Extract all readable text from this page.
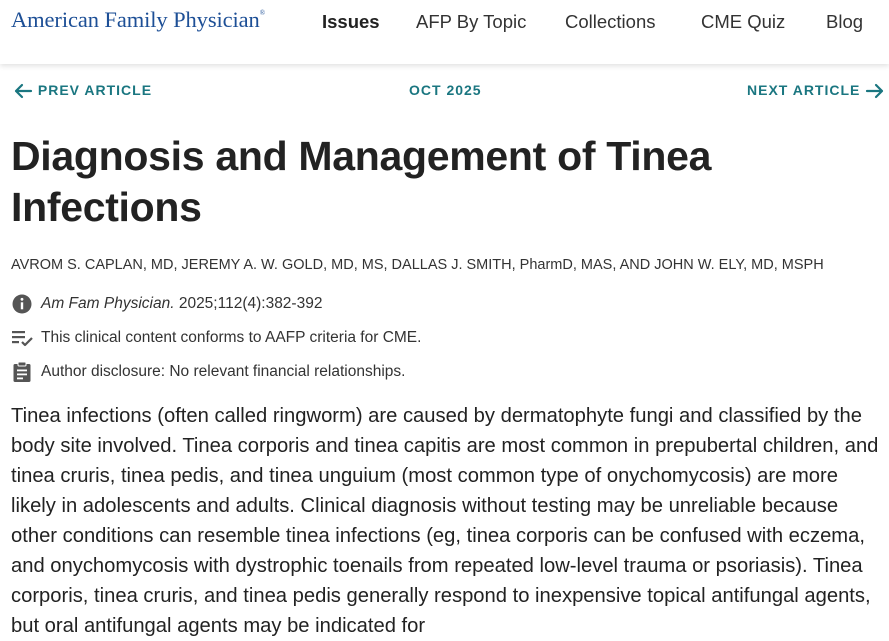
American Family Physician®	Issues AFP By Topic Collections CME Quiz Blog
PREV ARTICLE	OCT 2025	NEXT ARTICLE
Diagnosis and Management of Tinea Infections
AVROM S. CAPLAN, MD, JEREMY A. W. GOLD, MD, MS, DALLAS J. SMITH, PharmD, MAS, AND JOHN W. ELY, MD, MSPH
Am Fam Physician. 2025;112(4):382-392
This clinical content conforms to AAFP criteria for CME.
Author disclosure: No relevant financial relationships.

Tinea infections (often called ringworm) are caused by dermatophyte fungi and classified by the body site involved. Tinea corporis and tinea capitis are most common in prepubertal children, and tinea cruris, tinea pedis, and tinea unguium (most common type of onychomycosis) are more likely in adolescents and adults. Clinical diagnosis without testing may be unreliable because other conditions can resemble tinea infections (eg, tinea corporis can be confused with eczema, and onychomycosis with dystrophic toenails from repeated low-level trauma or psoriasis). Tinea corporis, tinea cruris, and tinea pedis generally respond to inexpensive topical antifungal agents, but oral antifungal agents may be indicated for
